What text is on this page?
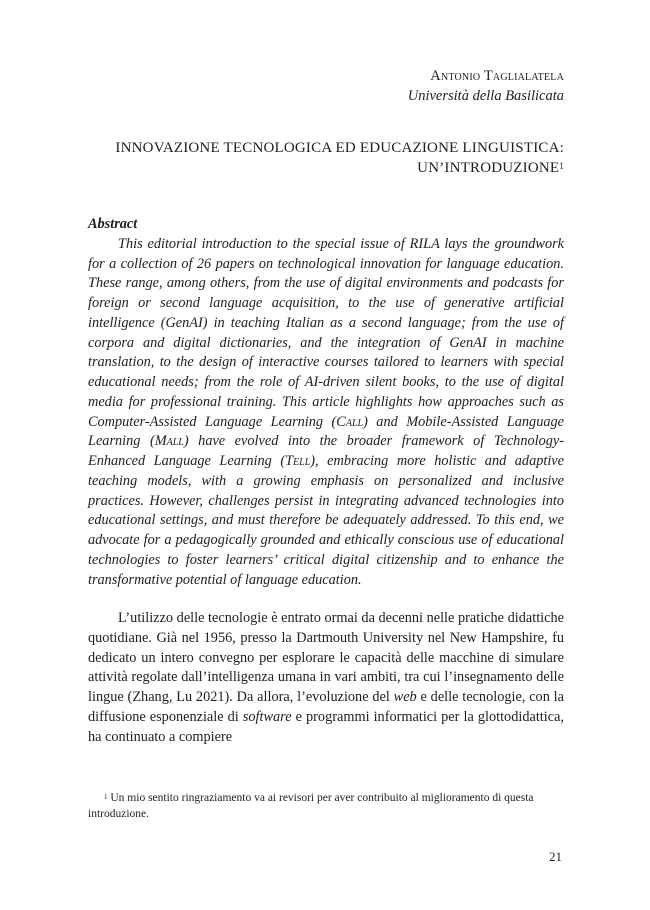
Antonio Taglialatela
Università della Basilicata
INNOVAZIONE TECNOLOGICA ED EDUCAZIONE LINGUISTICA:
UN’INTRODUZIONE$^1$
Abstract

This editorial introduction to the special issue of RILA lays the groundwork for a collection of 26 papers on technological innovation for language education. These range, among others, from the use of digital environments and podcasts for foreign or second language acquisition, to the use of generative artificial intelligence (GenAI) in teaching Italian as a second language; from the use of corpora and digital dictionaries, and the integration of GenAI in machine translation, to the design of interactive courses tailored to learners with special educational needs; from the role of AI-driven silent books, to the use of digital media for professional training. This article highlights how approaches such as Computer-Assisted Language Learning (Call) and Mobile-Assisted Language Learning (Mall) have evolved into the broader framework of Technology-Enhanced Language Learning (Tell), embracing more holistic and adaptive teaching models, with a growing emphasis on personalized and inclusive practices. However, challenges persist in integrating advanced technologies into educational settings, and must therefore be adequately addressed. To this end, we advocate for a pedagogically grounded and ethically conscious use of educational technologies to foster learners’ critical digital citizenship and to enhance the transformative potential of language education.

L’utilizzo delle tecnologie è entrato ormai da decenni nelle pratiche didattiche quotidiane. Già nel 1956, presso la Dartmouth University nel New Hampshire, fu dedicato un intero convegno per esplorare le capacità delle macchine di simulare attività regolate dall’intelligenza umana in vari ambiti, tra cui l’insegnamento delle lingue (Zhang, Lu 2021). Da allora, l’evoluzione del web e delle tecnologie, con la diffusione esponenziale di software e programmi informatici per la glottodidattica, ha continuato a compiere

$^1$ Un mio sentito ringraziamento va ai revisori per aver contribuito al miglioramento di questa introduzione.

21
